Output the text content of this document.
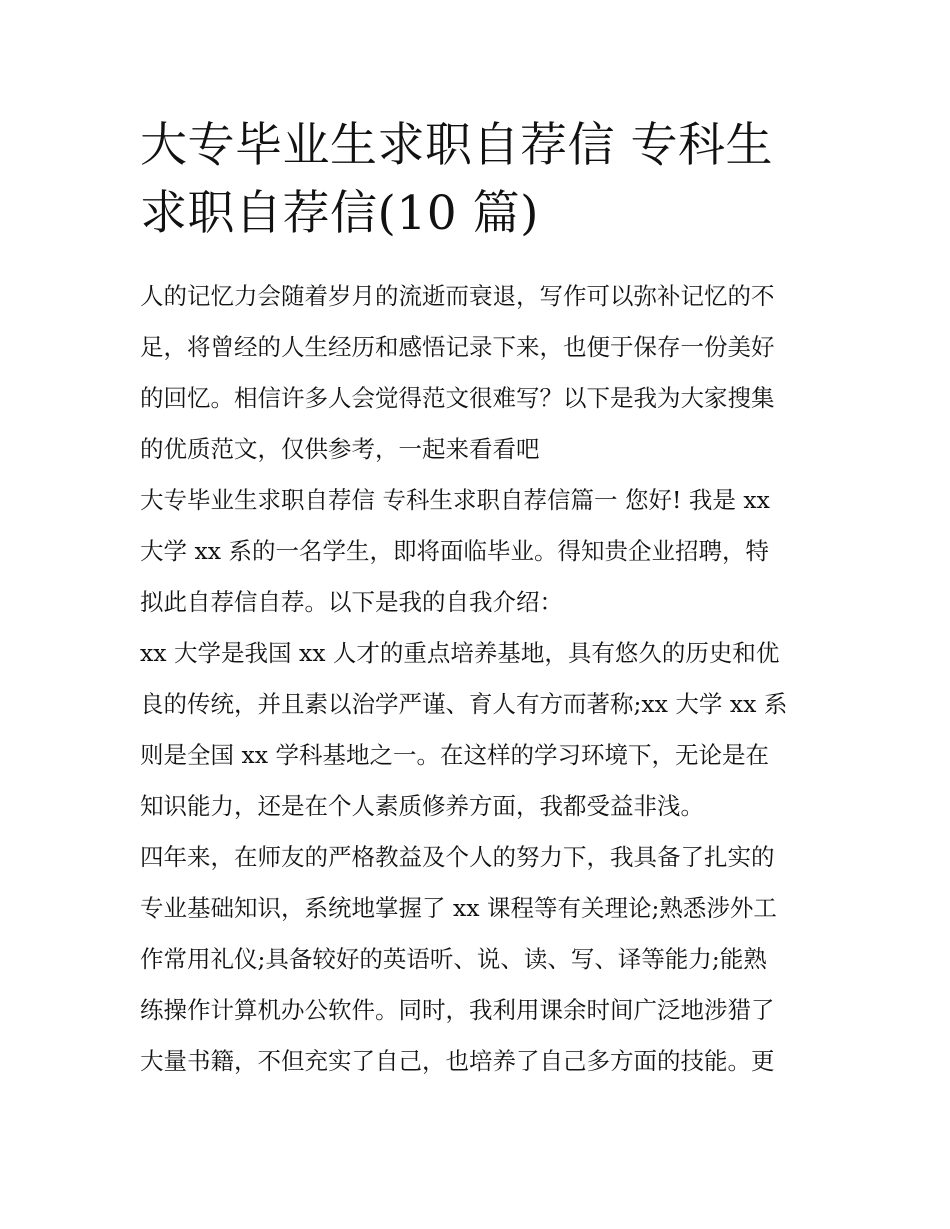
大专毕业生求职自荐信 专科生
求职自荐信(10 篇)
人的记忆力会随着岁月的流逝而衰退，写作可以弥补记忆的不
足，将曾经的人生经历和感悟记录下来，也便于保存一份美好
的回忆。相信许多人会觉得范文很难写？以下是我为大家搜集
的优质范文，仅供参考，一起来看看吧
大专毕业生求职自荐信 专科生求职自荐信篇一 您好! 我是 xx
大学 xx 系的一名学生，即将面临毕业。得知贵企业招聘，特
拟此自荐信自荐。以下是我的自我介绍：
xx 大学是我国 xx 人才的重点培养基地，具有悠久的历史和优
良的传统，并且素以治学严谨、育人有方而著称;xx 大学 xx 系
则是全国 xx 学科基地之一。在这样的学习环境下，无论是在
知识能力，还是在个人素质修养方面，我都受益非浅。
四年来，在师友的严格教益及个人的努力下，我具备了扎实的
专业基础知识，系统地掌握了 xx 课程等有关理论;熟悉涉外工
作常用礼仪;具备较好的英语听、说、读、写、译等能力;能熟
练操作计算机办公软件。同时，我利用课余时间广泛地涉猎了
大量书籍，不但充实了自己，也培养了自己多方面的技能。更
